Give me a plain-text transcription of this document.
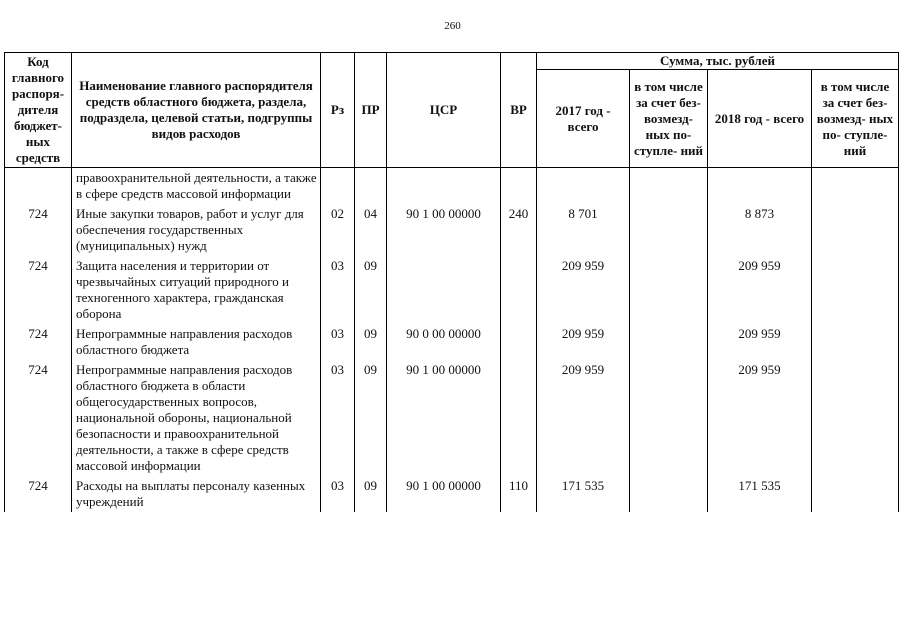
260
Код главного распоря- дителя бюджет- ных средств	Наименование главного распорядителя средств областного бюджета, раздела, подраздела, целевой статьи, подгруппы видов расходов	Рз	ПР	ЦСР	ВР	Сумма, тыс. рублей			
						2017 год - всего	в том числе за счет без- возмезд- ных по- ступле- ний	2018 год - всего	в том числе за счет без- возмезд- ных по- ступле- ний
	правоохранительной деятельности, а также в сфере средств массовой информации								
724	Иные закупки товаров, работ и услуг для обеспечения государственных (муниципальных) нужд	02	04	90 1 00 00000	240	8 701		8 873	
724	Защита населения и территории от чрезвычайных ситуаций природного и техногенного характера, гражданская оборона	03	09			209 959		209 959	
724	Непрограммные направления расходов областного бюджета	03	09	90 0 00 00000		209 959		209 959	
724	Непрограммные направления расходов областного бюджета в области общегосударственных вопросов, национальной обороны, национальной безопасности и правоохранительной деятельности, а также в сфере средств массовой информации	03	09	90 1 00 00000		209 959		209 959	
724	Расходы на выплаты персоналу казенных учреждений	03	09	90 1 00 00000	110	171 535		171 535	
